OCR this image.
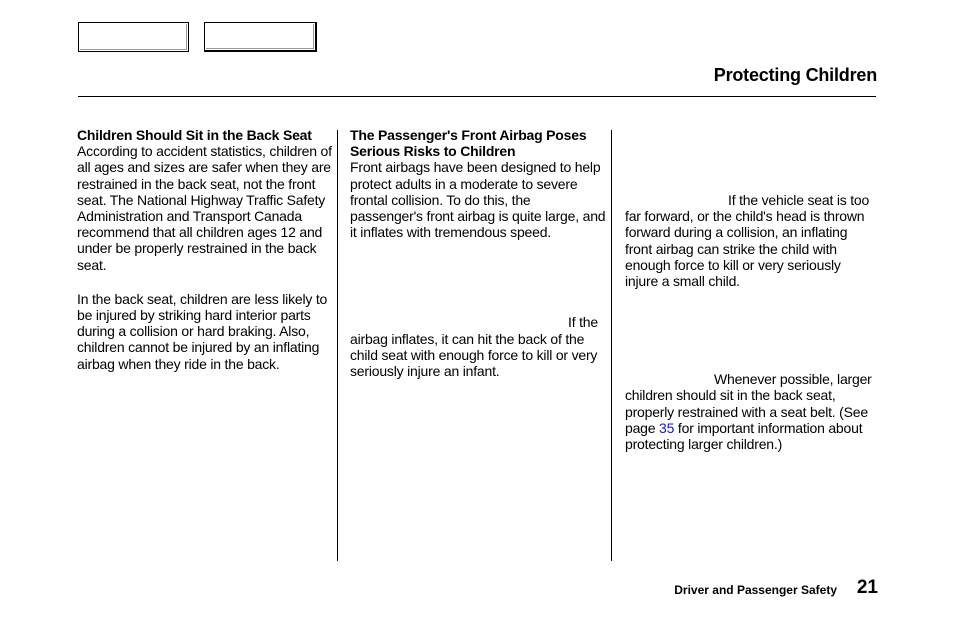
Protecting Children
Children Should Sit in the Back Seat

According to accident statistics, children of all ages and sizes are safer when they are restrained in the back seat, not the front seat. The National Highway Traffic Safety Administration and Transport Canada recommend that all children ages 12 and under be properly restrained in the back seat.

In the back seat, children are less likely to be injured by striking hard interior parts during a collision or hard braking. Also, children cannot be injured by an inflating airbag when they ride in the back.

The Passenger's Front Airbag Poses Serious Risks to Children

Front airbags have been designed to help protect adults in a moderate to severe frontal collision. To do this, the passenger's front airbag is quite large, and it inflates with tremendous speed.

If the airbag inflates, it can hit the back of the child seat with enough force to kill or very seriously injure an infant.

If the vehicle seat is too far forward, or the child's head is thrown forward during a collision, an inflating front airbag can strike the child with enough force to kill or very seriously injure a small child.

Whenever possible, larger children should sit in the back seat, properly restrained with a seat belt. (See page 35 for important information about protecting larger children.)

Driver and Passenger Safety 21
